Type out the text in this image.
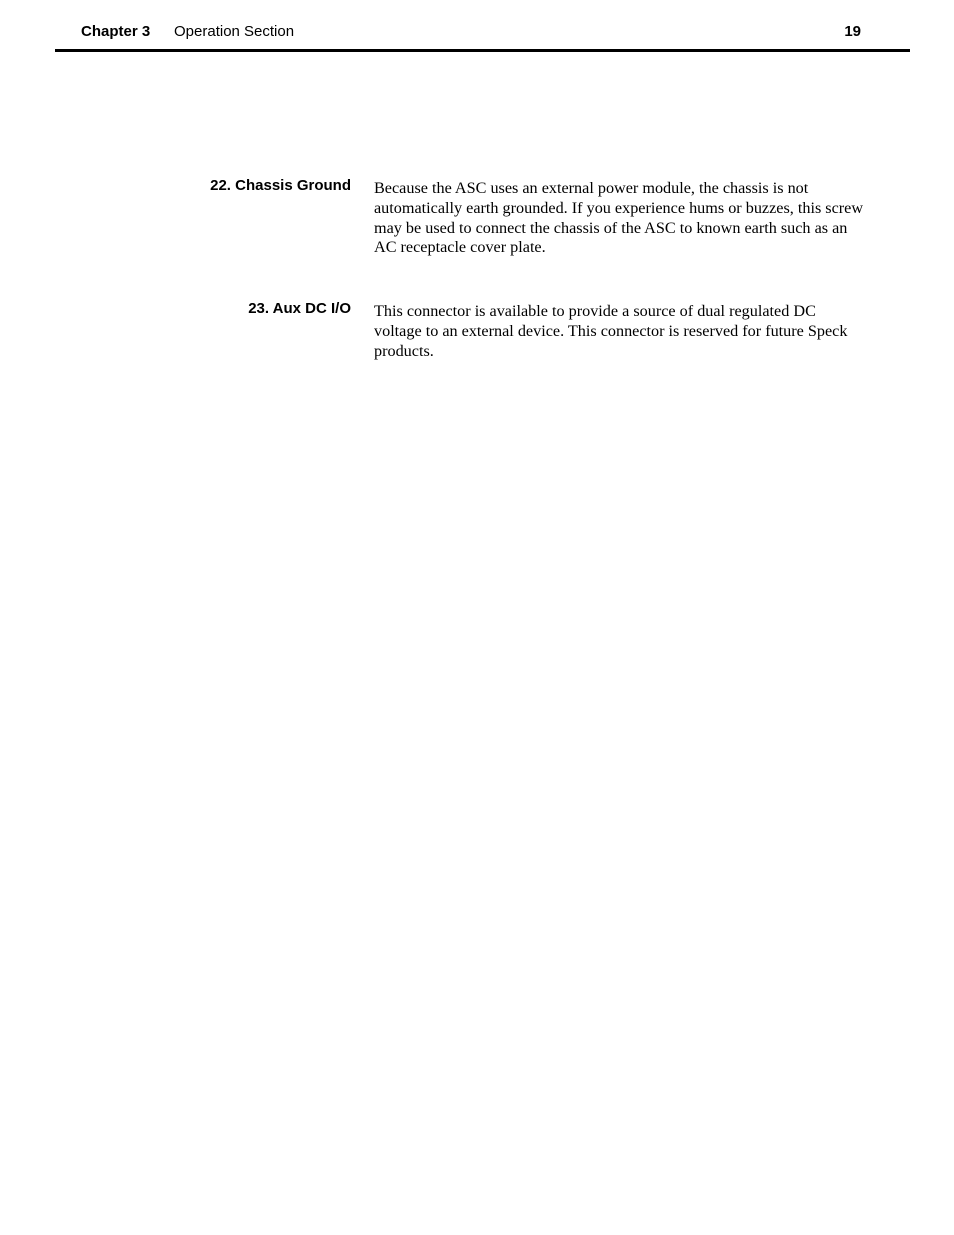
Chapter 3 Operation Section	19
22. Chassis Ground Because the ASC uses an external power module, the chassis is not automatically earth grounded. If you experience hums or buzzes, this screw may be used to connect the chassis of the ASC to known earth such as an AC receptacle cover plate.

23. Aux DC I/O This connector is available to provide a source of dual regulated DC voltage to an external device. This connector is reserved for future Speck products.
